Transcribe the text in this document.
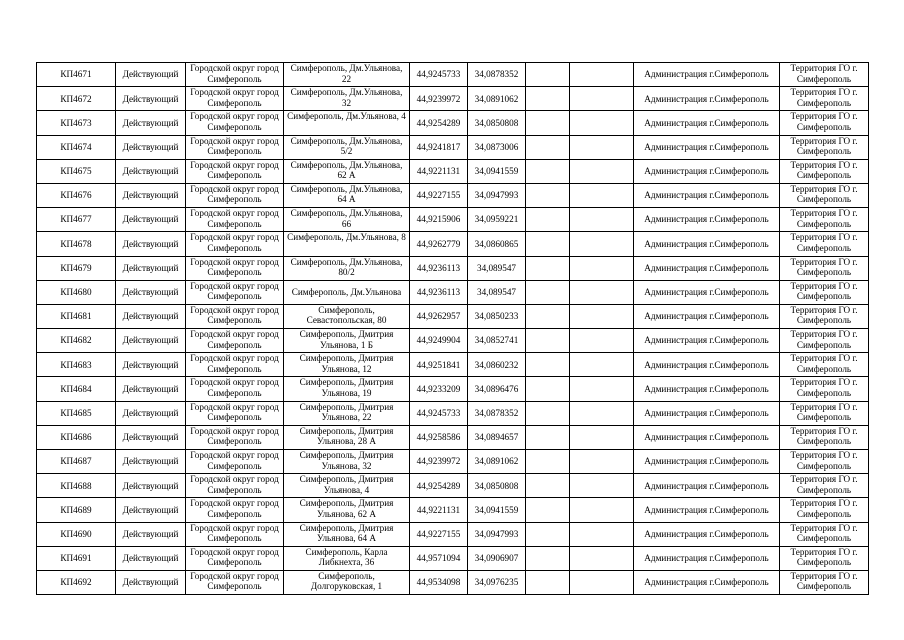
КП4671	Действующий	Городской округ город Симферополь	Симферополь, Дм.Ульянова, 22	44,9245733	34,0878352			Администрация г.Симферополь	Территория ГО г. Симферополь
КП4672	Действующий	Городской округ город Симферополь	Симферополь, Дм.Ульянова, 32	44,9239972	34,0891062			Администрация г.Симферополь	Территория ГО г. Симферополь
КП4673	Действующий	Городской округ город Симферополь	Симферополь, Дм.Ульянова, 4	44,9254289	34,0850808			Администрация г.Симферополь	Территория ГО г. Симферополь
КП4674	Действующий	Городской округ город Симферополь	Симферополь, Дм.Ульянова, 5/2	44,9241817	34,0873006			Администрация г.Симферополь	Территория ГО г. Симферополь
КП4675	Действующий	Городской округ город Симферополь	Симферополь, Дм.Ульянова, 62 А	44,9221131	34,0941559			Администрация г.Симферополь	Территория ГО г. Симферополь
КП4676	Действующий	Городской округ город Симферополь	Симферополь, Дм.Ульянова, 64 А	44,9227155	34,0947993			Администрация г.Симферополь	Территория ГО г. Симферополь
КП4677	Действующий	Городской округ город Симферополь	Симферополь, Дм.Ульянова, 66	44,9215906	34,0959221			Администрация г.Симферополь	Территория ГО г. Симферополь
КП4678	Действующий	Городской округ город Симферополь	Симферополь, Дм.Ульянова, 8	44,9262779	34,0860865			Администрация г.Симферополь	Территория ГО г. Симферополь
КП4679	Действующий	Городской округ город Симферополь	Симферополь, Дм.Ульянова, 80/2	44,9236113	34,089547			Администрация г.Симферополь	Территория ГО г. Симферополь
КП4680	Действующий	Городской округ город Симферополь	Симферополь, Дм.Ульянова	44,9236113	34,089547			Администрация г.Симферополь	Территория ГО г. Симферополь
КП4681	Действующий	Городской округ город Симферополь	Симферополь, Севастопольская, 80	44,9262957	34,0850233			Администрация г.Симферополь	Территория ГО г. Симферополь
КП4682	Действующий	Городской округ город Симферополь	Симферополь, Дмитрия Ульянова, 1 Б	44,9249904	34,0852741			Администрация г.Симферополь	Территория ГО г. Симферополь
КП4683	Действующий	Городской округ город Симферополь	Симферополь, Дмитрия Ульянова, 12	44,9251841	34,0860232			Администрация г.Симферополь	Территория ГО г. Симферополь
КП4684	Действующий	Городской округ город Симферополь	Симферополь, Дмитрия Ульянова, 19	44,9233209	34,0896476			Администрация г.Симферополь	Территория ГО г. Симферополь
КП4685	Действующий	Городской округ город Симферополь	Симферополь, Дмитрия Ульянова, 22	44,9245733	34,0878352			Администрация г.Симферополь	Территория ГО г. Симферополь
КП4686	Действующий	Городской округ город Симферополь	Симферополь, Дмитрия Ульянова, 28 А	44,9258586	34,0894657			Администрация г.Симферополь	Территория ГО г. Симферополь
КП4687	Действующий	Городской округ город Симферополь	Симферополь, Дмитрия Ульянова, 32	44,9239972	34,0891062			Администрация г.Симферополь	Территория ГО г. Симферополь
КП4688	Действующий	Городской округ город Симферополь	Симферополь, Дмитрия Ульянова, 4	44,9254289	34,0850808			Администрация г.Симферополь	Территория ГО г. Симферополь
КП4689	Действующий	Городской округ город Симферополь	Симферополь, Дмитрия Ульянова, 62 А	44,9221131	34,0941559			Администрация г.Симферополь	Территория ГО г. Симферополь
КП4690	Действующий	Городской округ город Симферополь	Симферополь, Дмитрия Ульянова, 64 А	44,9227155	34,0947993			Администрация г.Симферополь	Территория ГО г. Симферополь
КП4691	Действующий	Городской округ город Симферополь	Симферополь, Карла Либкнехта, 36	44,9571094	34,0906907			Администрация г.Симферополь	Территория ГО г. Симферополь
КП4692	Действующий	Городской округ город Симферополь	Симферополь, Долгоруковская, 1	44,9534098	34,0976235			Администрация г.Симферополь	Территория ГО г. Симферополь
